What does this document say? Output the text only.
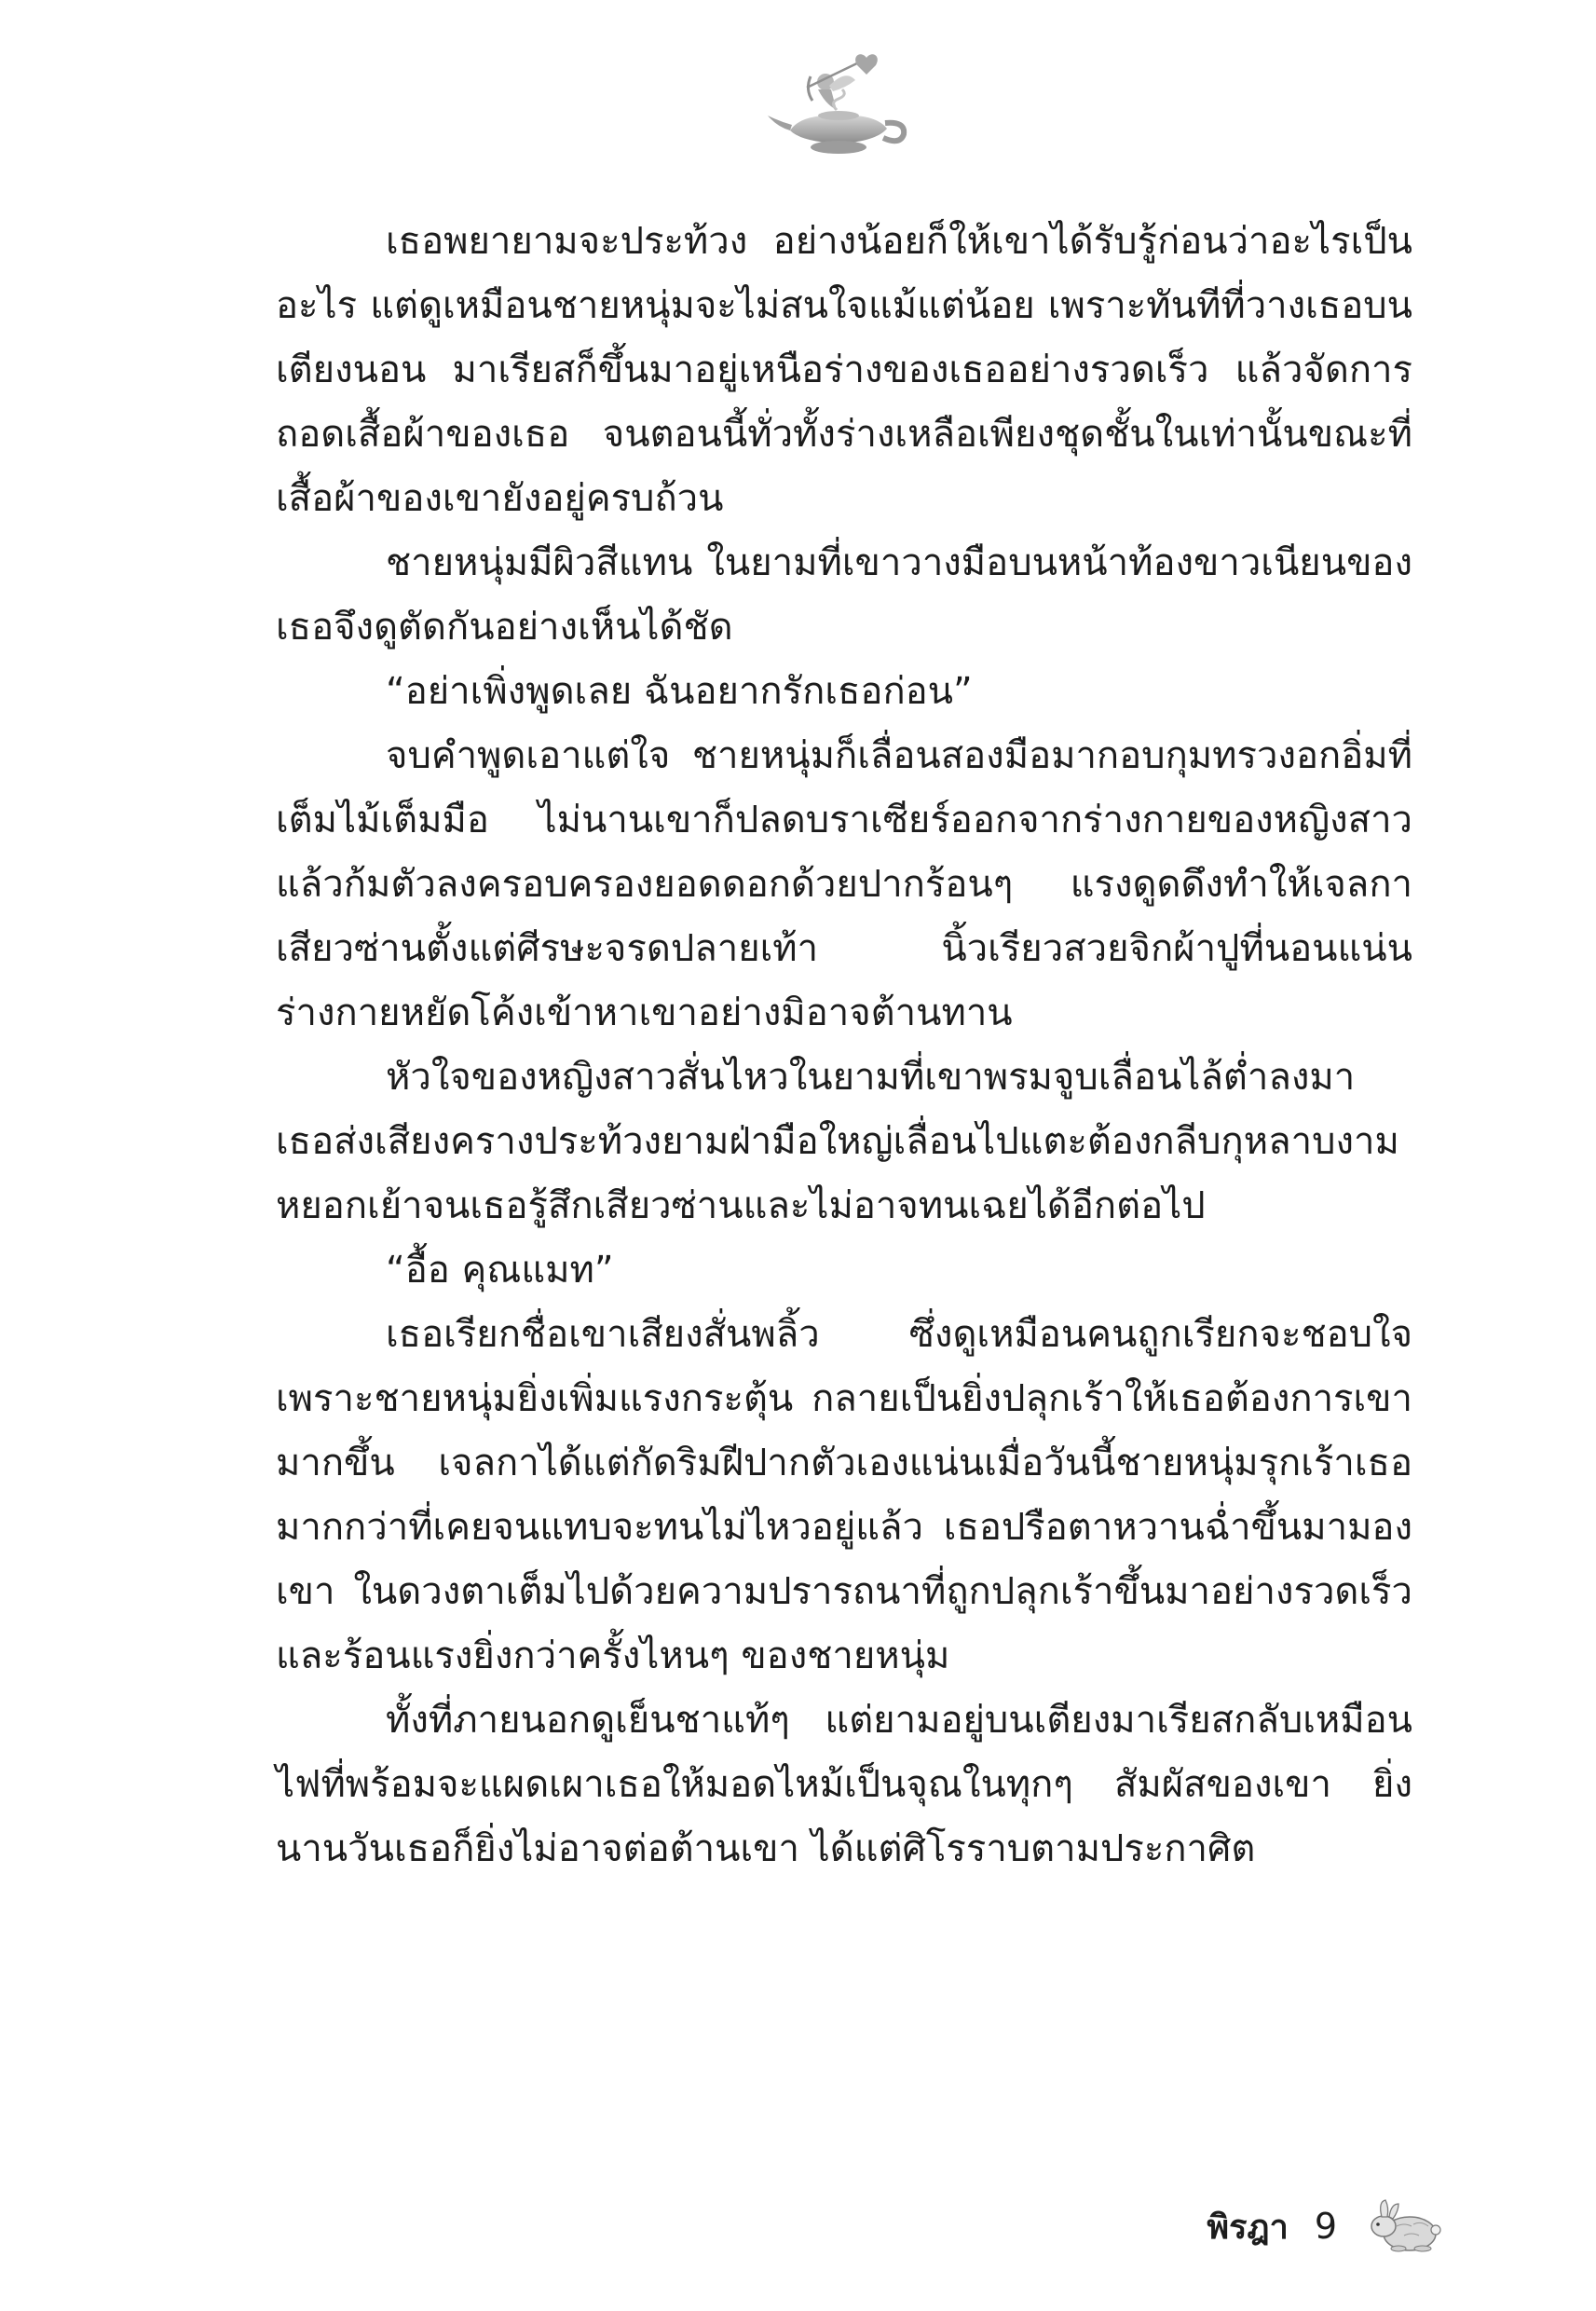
เธอพยายามจะประท้วง อย่างน้อยก็ให้เขาได้รับรู้ก่อนว่าอะไรเป็นอะไร แต่ดูเหมือนชายหนุ่มจะไม่สนใจแม้แต่น้อย เพราะทันทีที่วางเธอบนเตียงนอน มาเรียสก็ขึ้นมาอยู่เหนือร่างของเธออย่างรวดเร็ว แล้วจัดการถอดเสื้อผ้าของเธอ จนตอนนี้ทั่วทั้งร่างเหลือเพียงชุดชั้นในเท่านั้นขณะที่เสื้อผ้าของเขายังอยู่ครบถ้วน

ชายหนุ่มมีผิวสีแทน ในยามที่เขาวางมือบนหน้าท้องขาวเนียนของเธอจึงดูตัดกันอย่างเห็นได้ชัด

“อย่าเพิ่งพูดเลย ฉันอยากรักเธอก่อน”

จบคำพูดเอาแต่ใจ ชายหนุ่มก็เลื่อนสองมือมากอบกุมทรวงอกอิ่มที่เต็มไม้เต็มมือ ไม่นานเขาก็ปลดบราเซียร์ออกจากร่างกายของหญิงสาวแล้วก้มตัวลงครอบครองยอดดอกด้วยปากร้อนๆ แรงดูดดึงทำให้เจลกาเสียวซ่านตั้งแต่ศีรษะจรดปลายเท้า นิ้วเรียวสวยจิกผ้าปูที่นอนแน่นร่างกายหยัดโค้งเข้าหาเขาอย่างมิอาจต้านทาน

หัวใจของหญิงสาวสั่นไหวในยามที่เขาพรมจูบเลื่อนไล้ต่ำลงมาเธอส่งเสียงครางประท้วงยามฝ่ามือใหญ่เลื่อนไปแตะต้องกลีบกุหลาบงามหยอกเย้าจนเธอรู้สึกเสียวซ่านและไม่อาจทนเฉยได้อีกต่อไป

“อื้อ คุณแมท”

เธอเรียกชื่อเขาเสียงสั่นพลิ้ว ซึ่งดูเหมือนคนถูกเรียกจะชอบใจเพราะชายหนุ่มยิ่งเพิ่มแรงกระตุ้น กลายเป็นยิ่งปลุกเร้าให้เธอต้องการเขามากขึ้น เจลกาได้แต่กัดริมฝีปากตัวเองแน่นเมื่อวันนี้ชายหนุ่มรุกเร้าเธอมากกว่าที่เคยจนแทบจะทนไม่ไหวอยู่แล้ว เธอปรือตาหวานฉ่ำขึ้นมามองเขา ในดวงตาเต็มไปด้วยความปรารถนาที่ถูกปลุกเร้าขึ้นมาอย่างรวดเร็วและร้อนแรงยิ่งกว่าครั้งไหนๆ ของชายหนุ่ม

ทั้งที่ภายนอกดูเย็นชาแท้ๆ แต่ยามอยู่บนเตียงมาเรียสกลับเหมือนไฟที่พร้อมจะแผดเผาเธอให้มอดไหม้เป็นจุณในทุกๆ สัมผัสของเขา ยิ่งนานวันเธอก็ยิ่งไม่อาจต่อต้านเขา ได้แต่ศิโรราบตามประกาศิต

พิรฎา 9
